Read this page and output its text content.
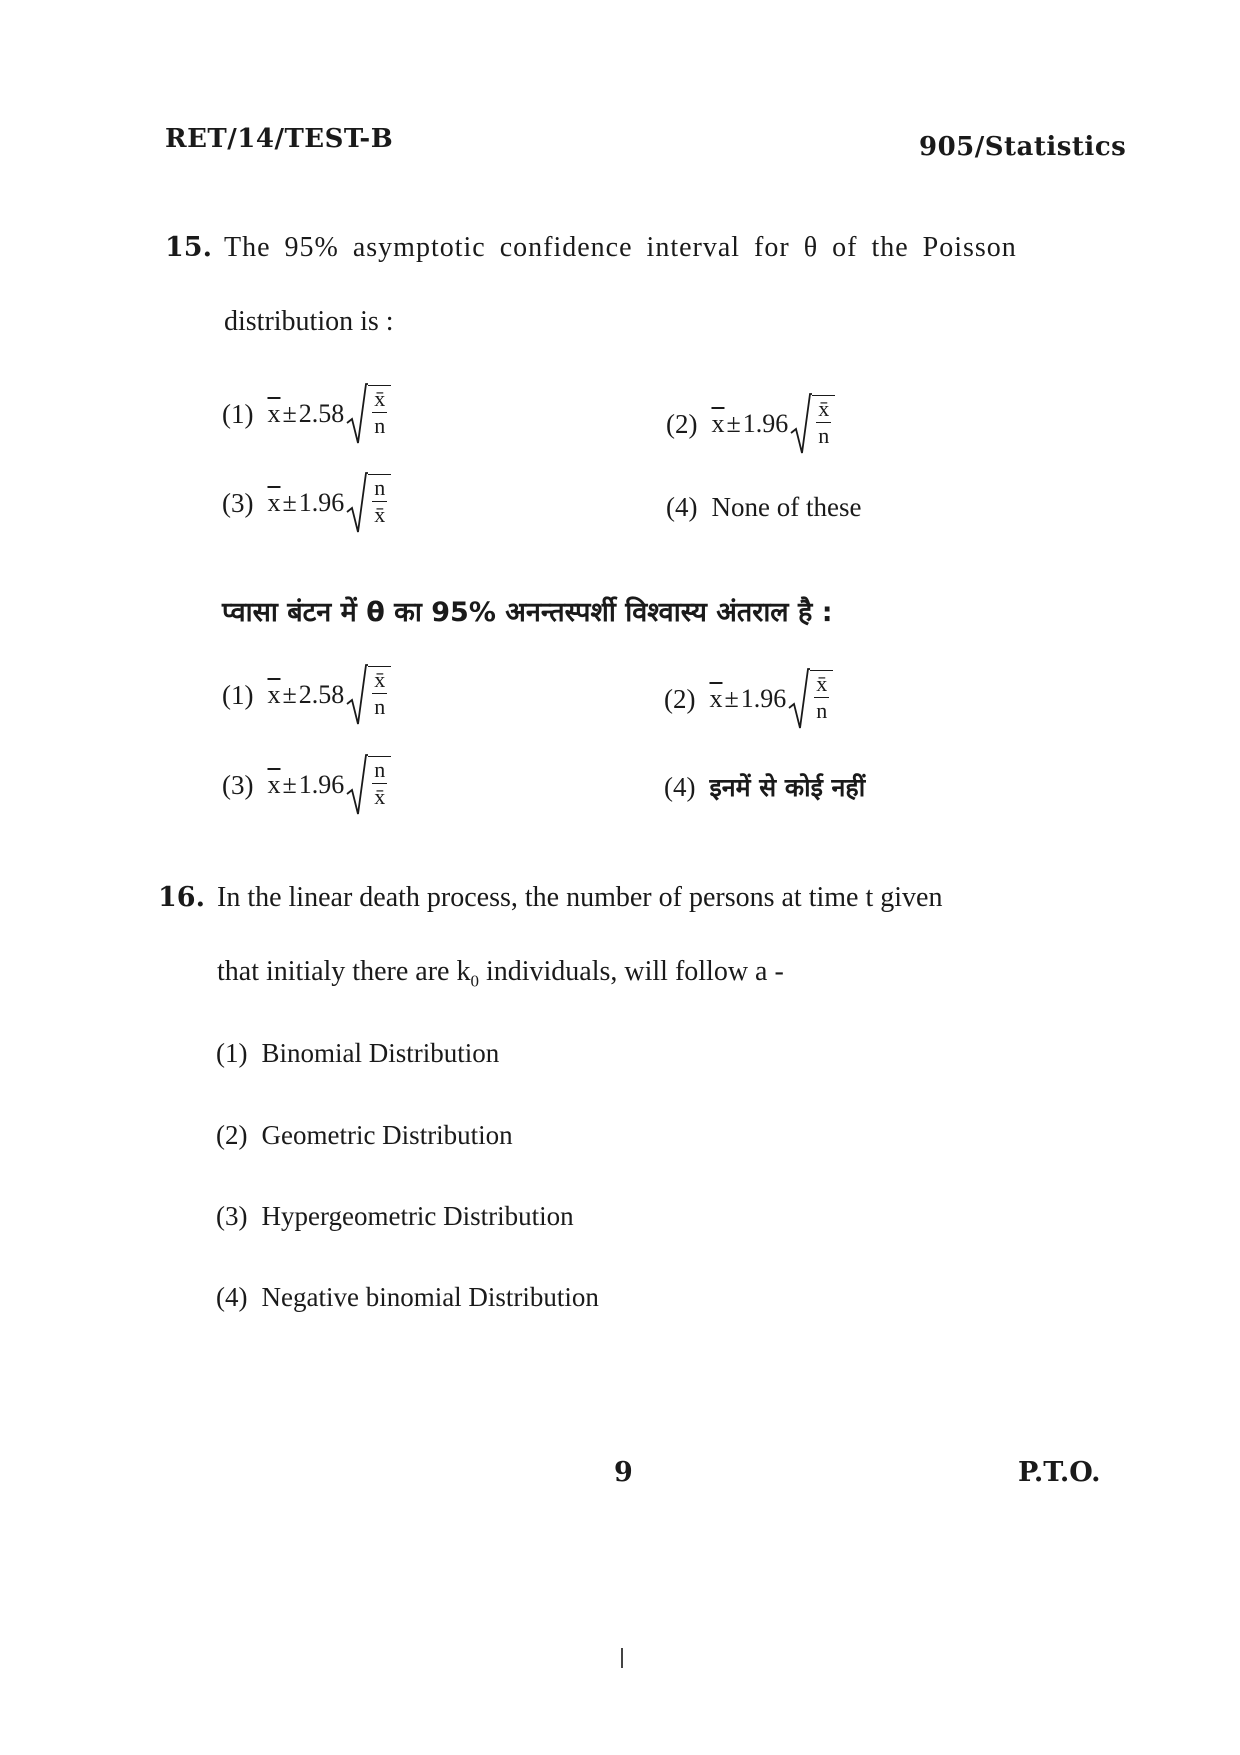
RET/14/TEST-B	905/Statistics
15. The 95% asymptotic confidence interval for θ of the Poisson
distribution is :
(1) $\overline{x} \pm 2.58 \frac{x̄}{n}$	(2) $\overline{x} \pm 1.96 \frac{x̄}{n}$
(3) $\overline{x} \pm 1.96 \frac{n}{x̄}$	(4) None of these
प्वासा बंटन में θ का 95% अनन्तस्पर्शी विश्वास्य अंतराल है :
(1) $\overline{x} \pm 2.58 \frac{x̄}{n}$	(2) $\overline{x} \pm 1.96 \frac{x̄}{n}$
(3) $\overline{x} \pm 1.96 \frac{n}{x̄}$	(4) इनमें से कोई नहीं
16. In the linear death process, the number of persons at time t given
that initialy there are $k_0$ individuals, will follow a -
(1) Binomial Distribution
(2) Geometric Distribution
(3) Hypergeometric Distribution
(4) Negative binomial Distribution
9	P.T.O.
